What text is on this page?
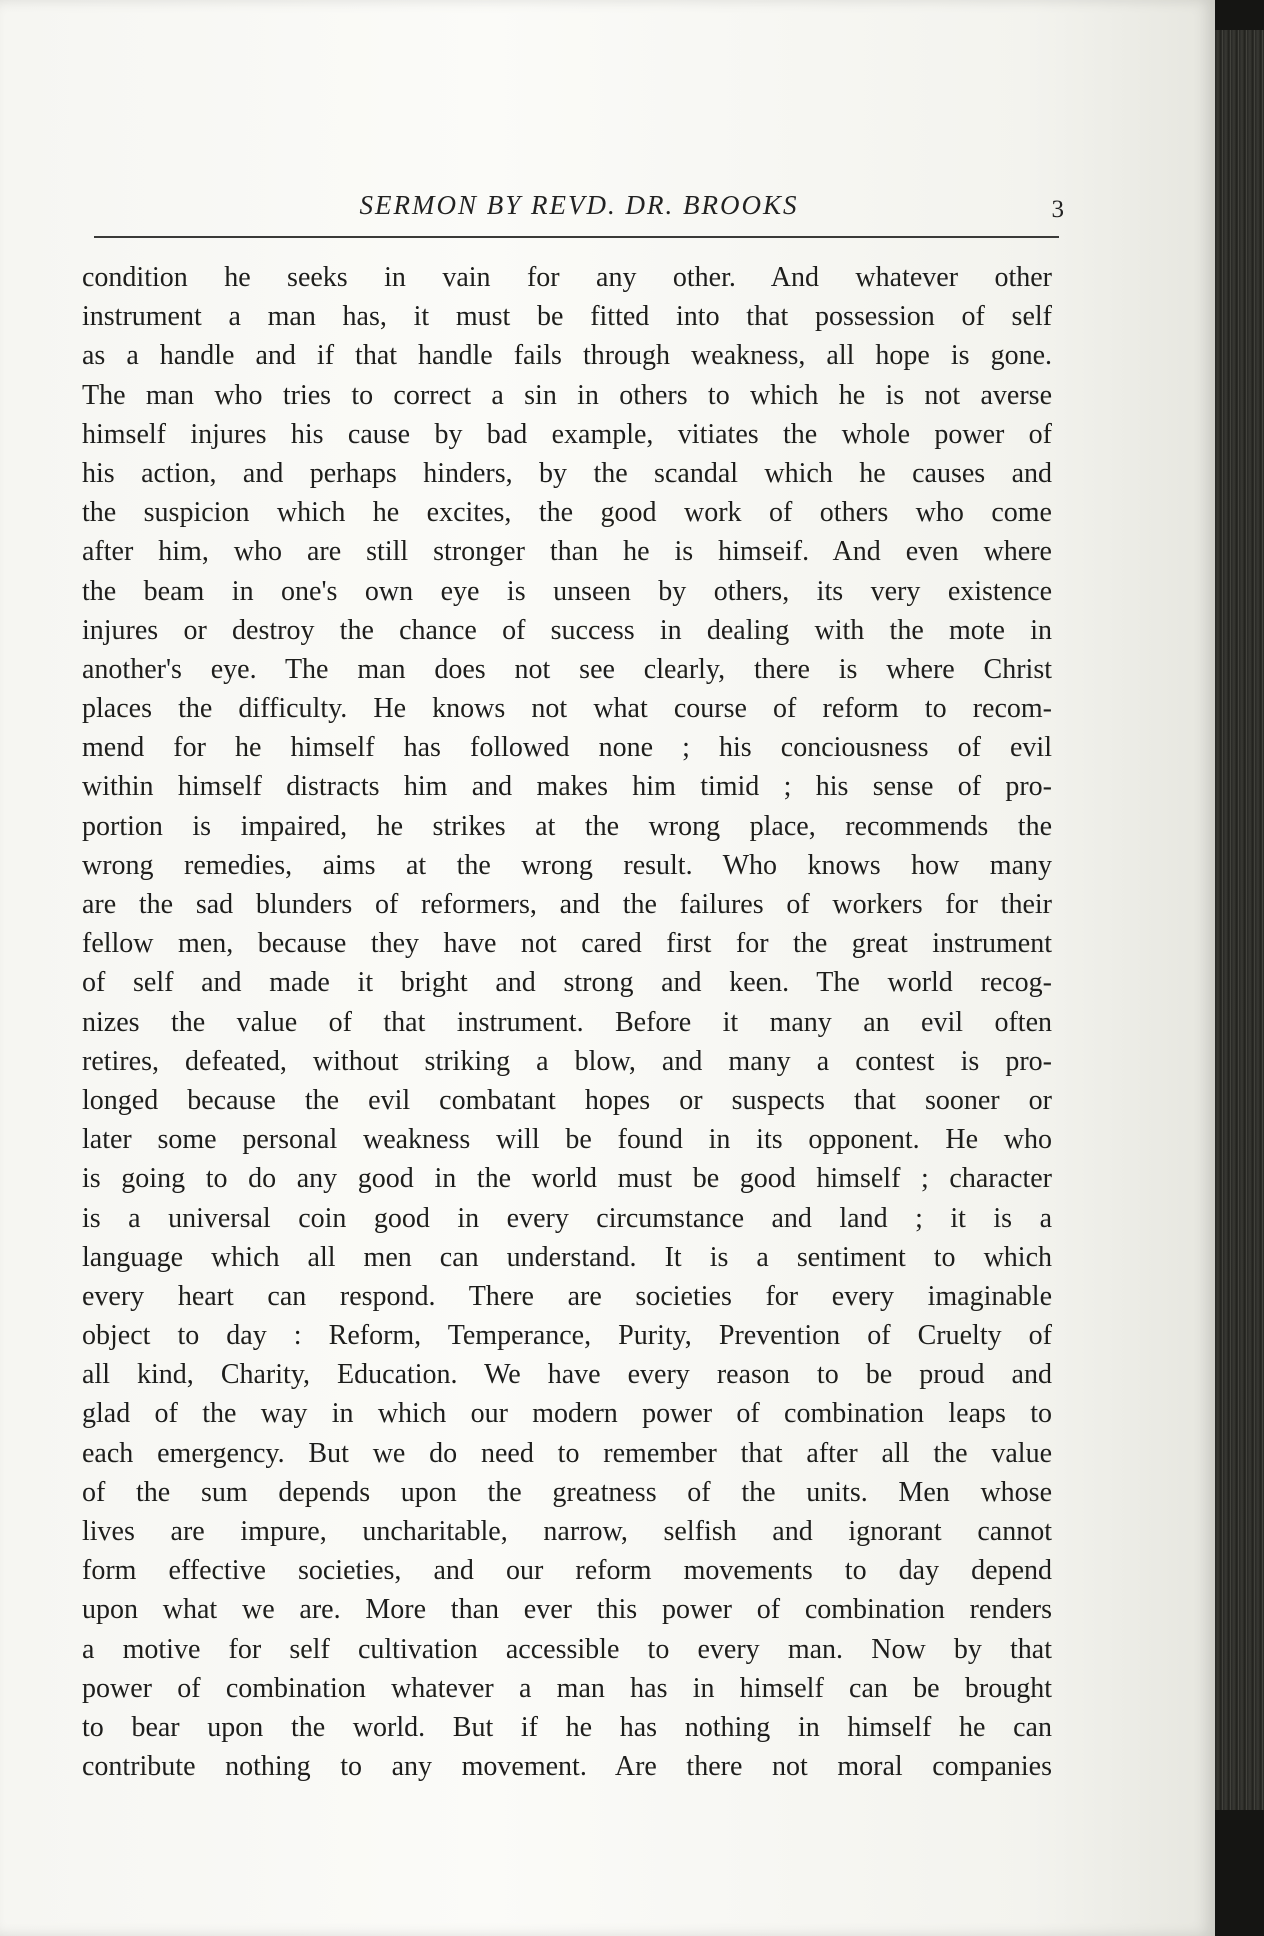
SERMON BY REVD. DR. BROOKS	3
condition he seeks in vain for any other. And whatever other
instrument a man has, it must be fitted into that possession of self
as a handle and if that handle fails through weakness, all hope is gone.
The man who tries to correct a sin in others to which he is not averse
himself injures his cause by bad example, vitiates the whole power of
his action, and perhaps hinders, by the scandal which he causes and
the suspicion which he excites, the good work of others who come
after him, who are still stronger than he is himseif. And even where
the beam in one's own eye is unseen by others, its very existence
injures or destroy the chance of success in dealing with the mote in
another's eye. The man does not see clearly, there is where Christ
places the difficulty. He knows not what course of reform to recom-
mend for he himself has followed none ; his conciousness of evil
within himself distracts him and makes him timid ; his sense of pro-
portion is impaired, he strikes at the wrong place, recommends the
wrong remedies, aims at the wrong result. Who knows how many
are the sad blunders of reformers, and the failures of workers for their
fellow men, because they have not cared first for the great instrument
of self and made it bright and strong and keen. The world recog-
nizes the value of that instrument. Before it many an evil often
retires, defeated, without striking a blow, and many a contest is pro-
longed because the evil combatant hopes or suspects that sooner or
later some personal weakness will be found in its opponent. He who
is going to do any good in the world must be good himself ; character
is a universal coin good in every circumstance and land ; it is a
language which all men can understand. It is a sentiment to which
every heart can respond. There are societies for every imaginable
object to day : Reform, Temperance, Purity, Prevention of Cruelty of
all kind, Charity, Education. We have every reason to be proud and
glad of the way in which our modern power of combination leaps to
each emergency. But we do need to remember that after all the value
of the sum depends upon the greatness of the units. Men whose
lives are impure, uncharitable, narrow, selfish and ignorant cannot
form effective societies, and our reform movements to day depend
upon what we are. More than ever this power of combination renders
a motive for self cultivation accessible to every man. Now by that
power of combination whatever a man has in himself can be brought
to bear upon the world. But if he has nothing in himself he can
contribute nothing to any movement. Are there not moral companies
